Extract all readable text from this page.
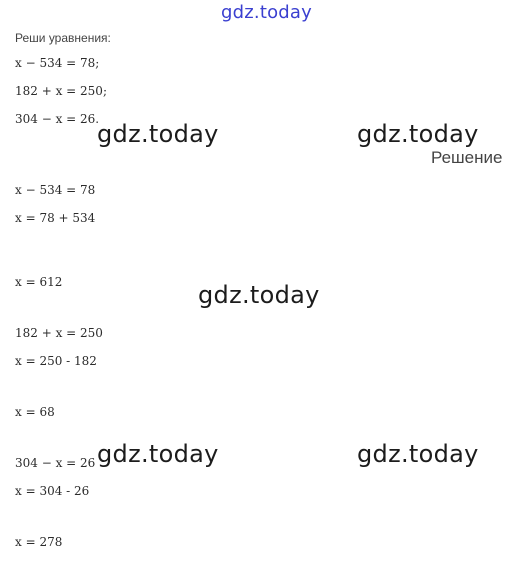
gdz.today
Реши уравнения:
x − 534 = 78;
182 + x = 250;
304 − x = 26.
Решение
x − 534 = 78
x = 78 + 534
x = 612
182 + x = 250
x = 250 - 182
x = 68
304 − x = 26
x = 304 - 26
x = 278
gdz.today	gdz.today
gdz.today
gdz.today	gdz.today
